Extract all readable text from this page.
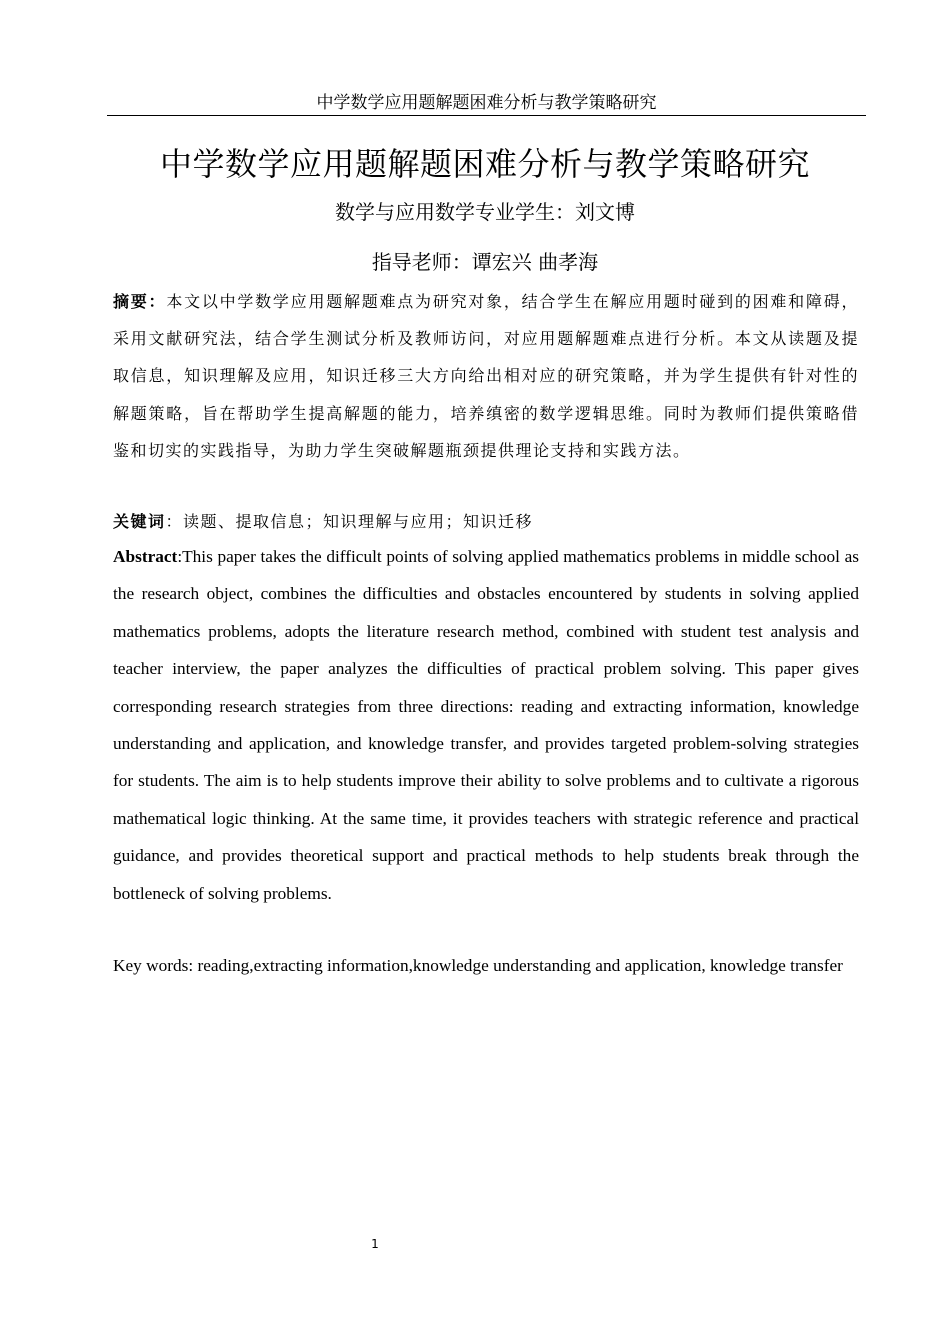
中学数学应用题解题困难分析与教学策略研究
中学数学应用题解题困难分析与教学策略研究
数学与应用数学专业学生：刘文博
指导老师：谭宏兴 曲孝海
摘要：本文以中学数学应用题解题难点为研究对象，结合学生在解应用题时碰到的困难和障碍，采用文献研究法，结合学生测试分析及教师访问，对应用题解题难点进行分析。本文从读题及提取信息，知识理解及应用，知识迁移三大方向给出相对应的研究策略，并为学生提供有针对性的解题策略，旨在帮助学生提高解题的能力，培养缜密的数学逻辑思维。同时为教师们提供策略借鉴和切实的实践指导，为助力学生突破解题瓶颈提供理论支持和实践方法。
关键词：读题、提取信息；知识理解与应用；知识迁移
Abstract:This paper takes the difficult points of solving applied mathematics problems in middle school as the research object, combines the difficulties and obstacles encountered by students in solving applied mathematics problems, adopts the literature research method, combined with student test analysis and teacher interview, the paper analyzes the difficulties of practical problem solving. This paper gives corresponding research strategies from three directions: reading and extracting information, knowledge understanding and application, and knowledge transfer, and provides targeted problem-solving strategies for students. The aim is to help students improve their ability to solve problems and to cultivate a rigorous mathematical logic thinking. At the same time, it provides teachers with strategic reference and practical guidance, and provides theoretical support and practical methods to help students break through the bottleneck of solving problems.
Key words: reading,extracting information,knowledge understanding and application, knowledge transfer
1
